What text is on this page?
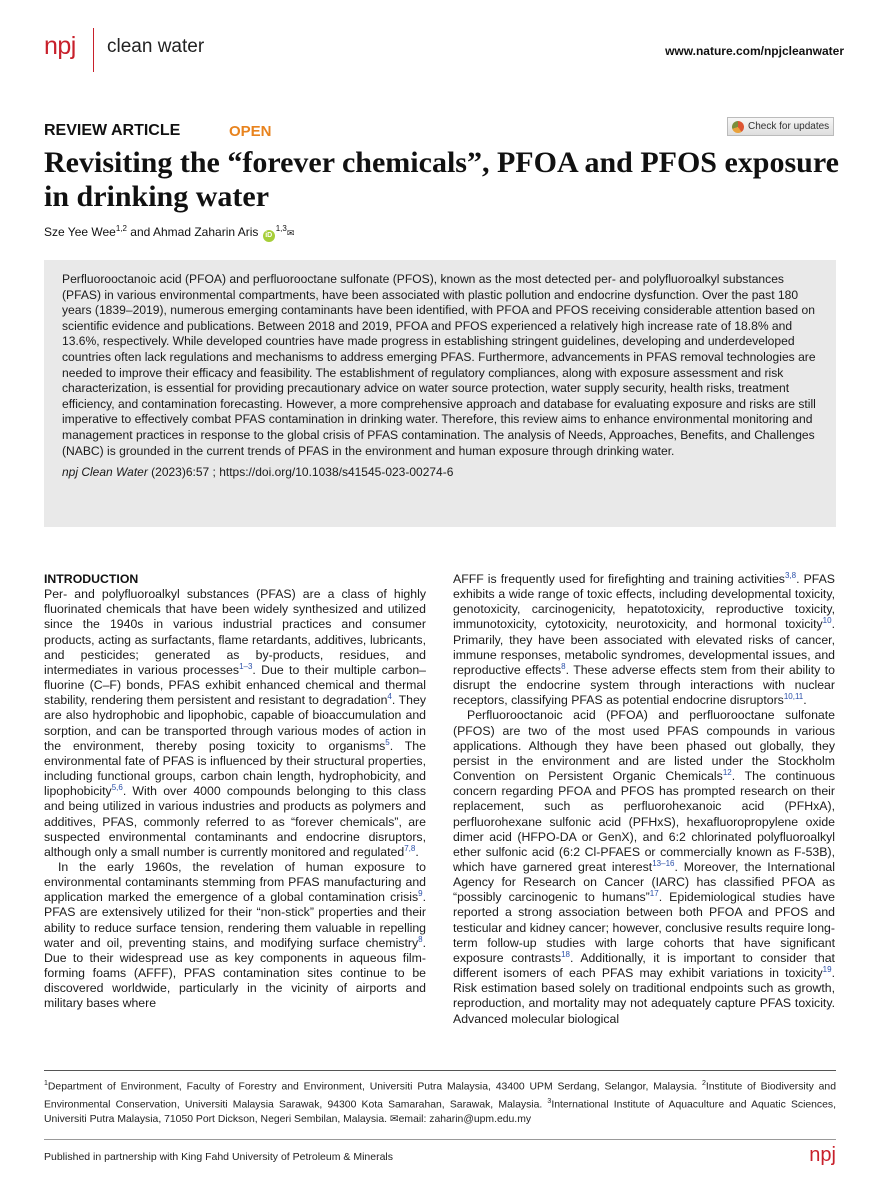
npj clean water	www.nature.com/npjcleanwater
REVIEW ARTICLE	OPEN	Check for updates
Revisiting the “forever chemicals”, PFOA and PFOS exposure in drinking water
Sze Yee Wee$^{1,2}$ and Ahmad Zaharin Aris iD$^{1,3}$✉

Perfluorooctanoic acid (PFOA) and perfluorooctane sulfonate (PFOS), known as the most detected per- and polyfluoroalkyl substances (PFAS) in various environmental compartments, have been associated with plastic pollution and endocrine dysfunction. Over the past 180 years (1839–2019), numerous emerging contaminants have been identified, with PFOA and PFOS receiving considerable attention based on scientific evidence and publications. Between 2018 and 2019, PFOA and PFOS experienced a relatively high increase rate of 18.8% and 13.6%, respectively. While developed countries have made progress in establishing stringent guidelines, developing and underdeveloped countries often lack regulations and mechanisms to address emerging PFAS. Furthermore, advancements in PFAS removal technologies are needed to improve their efficacy and feasibility. The establishment of regulatory compliances, along with exposure assessment and risk characterization, is essential for providing precautionary advice on water source protection, water supply security, health risks, treatment efficiency, and contamination forecasting. However, a more comprehensive approach and database for evaluating exposure and risks are still imperative to effectively combat PFAS contamination in drinking water. Therefore, this review aims to enhance environmental monitoring and management practices in response to the global crisis of PFAS contamination. The analysis of Needs, Approaches, Benefits, and Challenges (NABC) is grounded in the current trends of PFAS in the environment and human exposure through drinking water.

npj Clean Water (2023)6:57 ; https://doi.org/10.1038/s41545-023-00274-6

INTRODUCTION

Per- and polyfluoroalkyl substances (PFAS) are a class of highly fluorinated chemicals that have been widely synthesized and utilized since the 1940s in various industrial practices and consumer products, acting as surfactants, flame retardants, additives, lubricants, and pesticides; generated as by-products, residues, and intermediates in various processes$^{1-3}$. Due to their multiple carbon–fluorine (C–F) bonds, PFAS exhibit enhanced chemical and thermal stability, rendering them persistent and resistant to degradation$^4$. They are also hydrophobic and lipophobic, capable of bioaccumulation and sorption, and can be transported through various modes of action in the environment, thereby posing toxicity to organisms$^5$. The environmental fate of PFAS is influenced by their structural properties, including functional groups, carbon chain length, hydrophobicity, and lipophobicity$^{5,6}$. With over 4000 compounds belonging to this class and being utilized in various industries and products as polymers and additives, PFAS, commonly referred to as “forever chemicals”, are suspected environmental contaminants and endocrine disruptors, although only a small number is currently monitored and regulated$^{7,8}$.

In the early 1960s, the revelation of human exposure to environmental contaminants stemming from PFAS manufacturing and application marked the emergence of a global contamination crisis$^9$. PFAS are extensively utilized for their “non-stick” properties and their ability to reduce surface tension, rendering them valuable in repelling water and oil, preventing stains, and modifying surface chemistry$^8$. Due to their widespread use as key components in aqueous film-forming foams (AFFF), PFAS contamination sites continue to be discovered worldwide, particularly in the vicinity of airports and military bases where

AFFF is frequently used for firefighting and training activities$^{3,8}$. PFAS exhibits a wide range of toxic effects, including developmental toxicity, genotoxicity, carcinogenicity, hepatotoxicity, reproductive toxicity, immunotoxicity, cytotoxicity, neurotoxicity, and hormonal toxicity$^{10}$. Primarily, they have been associated with elevated risks of cancer, immune responses, metabolic syndromes, developmental issues, and reproductive effects$^8$. These adverse effects stem from their ability to disrupt the endocrine system through interactions with nuclear receptors, classifying PFAS as potential endocrine disruptors$^{10,11}$.

Perfluorooctanoic acid (PFOA) and perfluorooctane sulfonate (PFOS) are two of the most used PFAS compounds in various applications. Although they have been phased out globally, they persist in the environment and are listed under the Stockholm Convention on Persistent Organic Chemicals$^{12}$. The continuous concern regarding PFOA and PFOS has prompted research on their replacement, such as perfluorohexanoic acid (PFHxA), perfluorohexane sulfonic acid (PFHxS), hexafluoropropylene oxide dimer acid (HFPO-DA or GenX), and 6:2 chlorinated polyfluoroalkyl ether sulfonic acid (6:2 Cl-PFAES or commercially known as F-53B), which have garnered great interest$^{13-16}$. Moreover, the International Agency for Research on Cancer (IARC) has classified PFOA as “possibly carcinogenic to humans”$^{17}$. Epidemiological studies have reported a strong association between both PFOA and PFOS and testicular and kidney cancer; however, conclusive results require long-term follow-up studies with large cohorts that have significant exposure contrasts$^{18}$. Additionally, it is important to consider that different isomers of each PFAS may exhibit variations in toxicity$^{19}$. Risk estimation based solely on traditional endpoints such as growth, reproduction, and mortality may not adequately capture PFAS toxicity. Advanced molecular biological

$^1$Department of Environment, Faculty of Forestry and Environment, Universiti Putra Malaysia, 43400 UPM Serdang, Selangor, Malaysia. $^2$Institute of Biodiversity and Environmental Conservation, Universiti Malaysia Sarawak, 94300 Kota Samarahan, Sarawak, Malaysia. $^3$International Institute of Aquaculture and Aquatic Sciences, Universiti Putra Malaysia, 71050 Port Dickson, Negeri Sembilan, Malaysia. ✉email: zaharin@upm.edu.my

Published in partnership with King Fahd University of Petroleum & Minerals	npj
